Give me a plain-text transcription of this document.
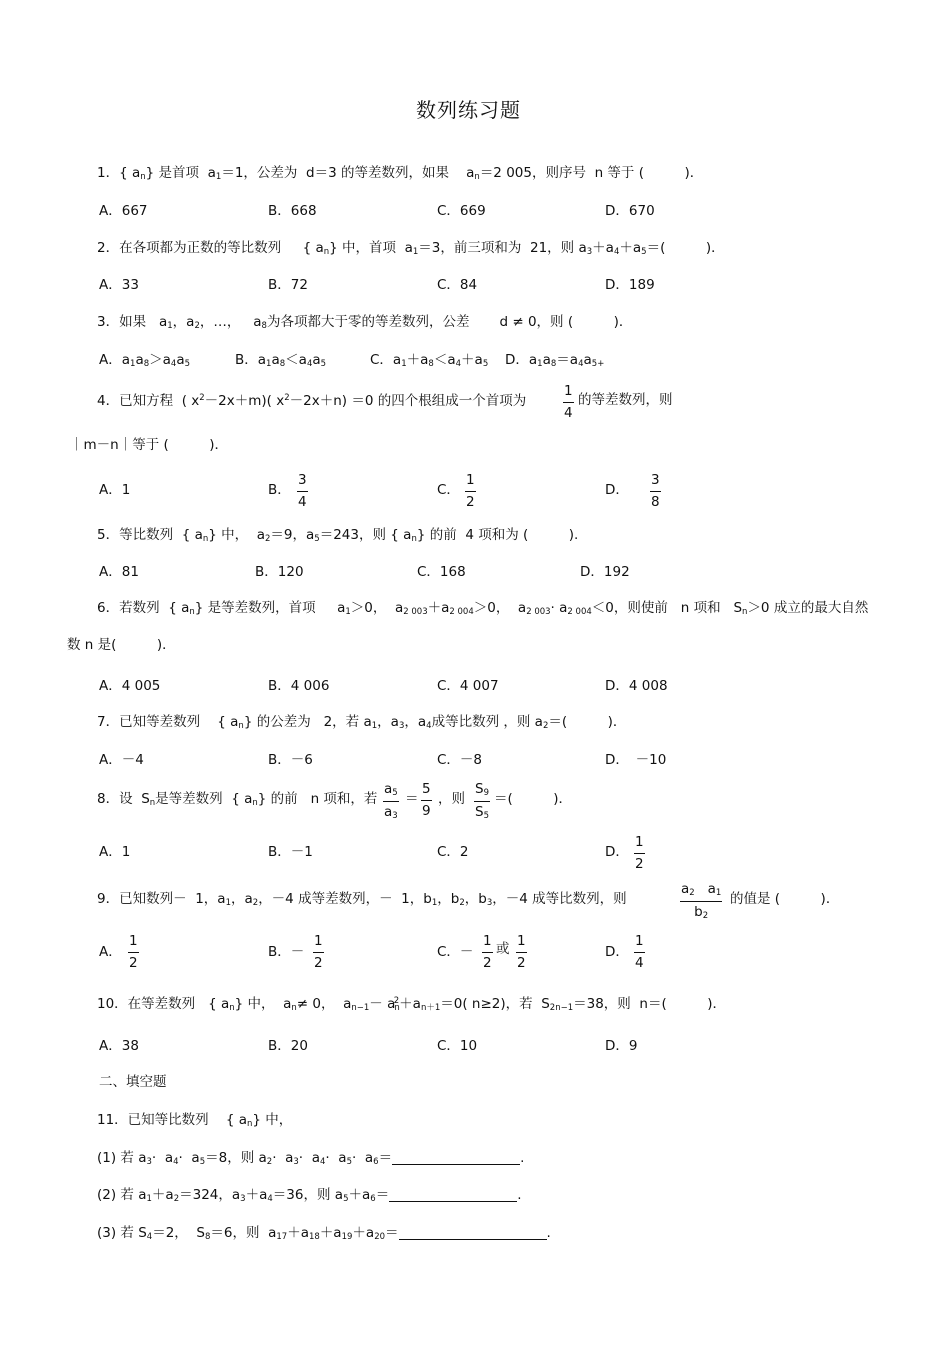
数列练习题
1．{ $a_n$} 是首项 $a_1=1$，公差为 d＝3 的等差数列，如果 $a_n=2$ 005，则序号 n 等于 (　　　)．
A．667	B．668	C．669	D．670
2．在各项都为正数的等比数列 { $a_n$} 中，首项 $a_1=3$，前三项和为 21，则 $a_3+a_4+a_5=$(　　　)．
A．33	B．72	C．84	D．189
3．如果 $a_1$，$a_2$，…， $a_8$为各项都大于零的等差数列，公差 d ≠ 0，则 (　　　)．
A．$a_1a_8>a_4a_5$	B．$a_1a_8<a_4a_5$	C．$a_1+a_8<a_4+a_5$ D．$a_1a_8=a_4a_{5+}$
4．已知方程 ( $x^2-2x+m$)( $x^2-2x+n) =0$ 的四个根组成一个首项为
1
4
的等差数列，则
｜m－n｜等于 (　　　)．
A．1	B．
3
4
C．
1
2
D．
3
8
5．等比数列 { $a_n$} 中， $a_2=9$，$a_5=243$，则 { $a_n$} 的前 4 项和为 (　　　).
A．81	B．120	C．168	D．192
6．若数列 { $a_n$} 是等差数列，首项 $a_1>0$， $a_{2 003}+a_{2 004}>0$， $a_{2 003}\cdot a_{2 004}<0$，则使前 n 项和 $S_n>0$ 成立的最大自然
数 n 是(　　　)．
A．4 005	B．4 006	C．4 007	D．4 008
7．已知等差数列 { $a_n$} 的公差为 2，若 $a_1$，$a_3$，$a_4$成等比数列 ，则 $a_2=$(　　　)．
A．－4	B．－6	C．－8	D．　－10
8．设 $S_n$是等差数列 { $a_n$} 的前 n 项和，若
$a_5$
$a_3$
＝
5
9
，则
$S_9$
$S_5$
＝(　　　)．
A．1	B．－1	C．2	D．
1
2
9．已知数列－ 1，$a_1$，$a_2$，－4 成等差数列，－ 1，$b_1$，$b_2$，$b_3$，－4 成等比数列，则
$a_2$   $a_1$
$b_2$
的值是 (　　　)．
A．
1
2
B．－
1
2
C．－
1
2
或 1
2
D．
1
4
10．在等差数列 { $a_n$} 中， $a_n\ne 0$， $a_{n-1}- a_n^2+a_{n+1}=0$( n≥2)，若 $S_{2n-1}=38$，则 n＝(　　　)．
A．38	B．20	C．10	D．9
二、填空题
11．已知等比数列 { $a_n$} 中，
(1) 若 $a_3\cdot a_4\cdot a_5=8$，则 $a_2\cdot a_3\cdot a_4\cdot a_5\cdot a_6=$	.
(2) 若 $a_1+a_2=324$，$a_3+a_4=36$，则 $a_5+a_6=$	.
(3) 若 $S_4=2$， $S_8=6$，则 $a_{17}+a_{18}+a_{19}+a_{20}=$	.
